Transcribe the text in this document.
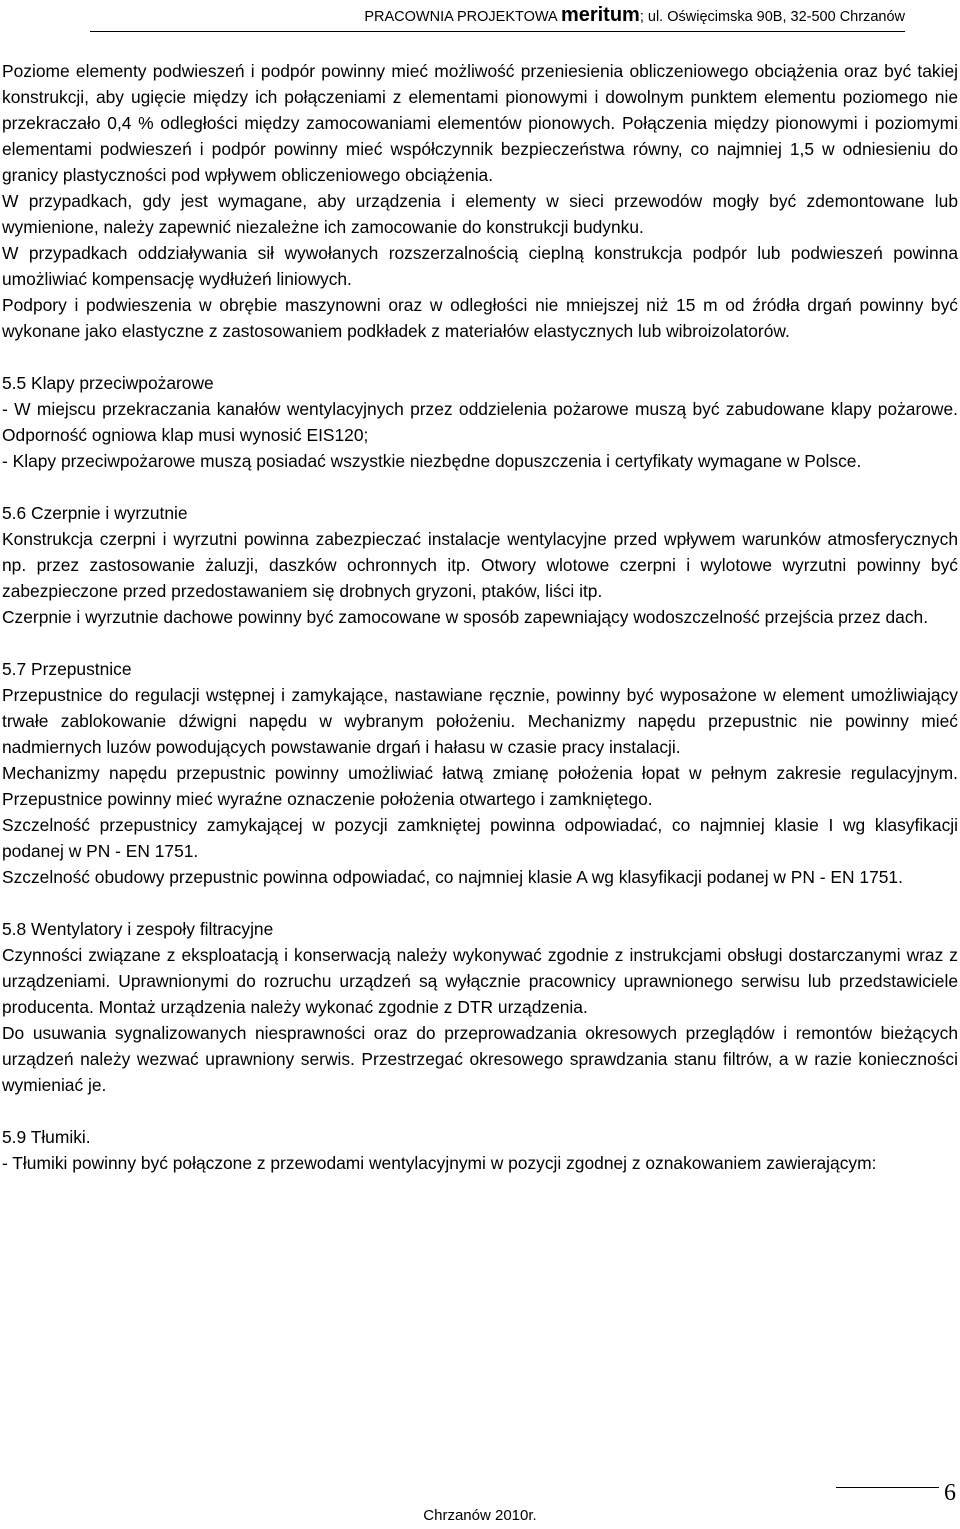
PRACOWNIA PROJEKTOWA meritum; ul. Oświęcimska 90B, 32-500 Chrzanów

Poziome elementy podwieszeń i podpór powinny mieć możliwość przeniesienia obliczeniowego obciążenia oraz być takiej konstrukcji, aby ugięcie między ich połączeniami z elementami pionowymi i dowolnym punktem elementu poziomego nie przekraczało 0,4 % odległości między zamocowaniami elementów pionowych. Połączenia między pionowymi i poziomymi elementami podwieszeń i podpór powinny mieć współczynnik bezpieczeństwa równy, co najmniej 1,5 w odniesieniu do granicy plastyczności pod wpływem obliczeniowego obciążenia.

W przypadkach, gdy jest wymagane, aby urządzenia i elementy w sieci przewodów mogły być zdemontowane lub wymienione, należy zapewnić niezależne ich zamocowanie do konstrukcji budynku.

W przypadkach oddziaływania sił wywołanych rozszerzalnością cieplną konstrukcja podpór lub podwieszeń powinna umożliwiać kompensację wydłużeń liniowych.

Podpory i podwieszenia w obrębie maszynowni oraz w odległości nie mniejszej niż 15 m od źródła drgań powinny być wykonane jako elastyczne z zastosowaniem podkładek z materiałów elastycznych lub wibroizolatorów.

5.5 Klapy przeciwpożarowe

- W miejscu przekraczania kanałów wentylacyjnych przez oddzielenia pożarowe muszą być zabudowane klapy pożarowe. Odporność ogniowa klap musi wynosić EIS120;

- Klapy przeciwpożarowe muszą posiadać wszystkie niezbędne dopuszczenia i certyfikaty wymagane w Polsce.

5.6 Czerpnie i wyrzutnie

Konstrukcja czerpni i wyrzutni powinna zabezpieczać instalacje wentylacyjne przed wpływem warunków atmosferycznych np. przez zastosowanie żaluzji, daszków ochronnych itp. Otwory wlotowe czerpni i wylotowe wyrzutni powinny być zabezpieczone przed przedostawaniem się drobnych gryzoni, ptaków, liści itp.

Czerpnie i wyrzutnie dachowe powinny być zamocowane w sposób zapewniający wodoszczelność przejścia przez dach.

5.7 Przepustnice

Przepustnice do regulacji wstępnej i zamykające, nastawiane ręcznie, powinny być wyposażone w element umożliwiający trwałe zablokowanie dźwigni napędu w wybranym położeniu. Mechanizmy napędu przepustnic nie powinny mieć nadmiernych luzów powodujących powstawanie drgań i hałasu w czasie pracy instalacji.

Mechanizmy napędu przepustnic powinny umożliwiać łatwą zmianę położenia łopat w pełnym zakresie regulacyjnym. Przepustnice powinny mieć wyraźne oznaczenie położenia otwartego i zamkniętego.

Szczelność przepustnicy zamykającej w pozycji zamkniętej powinna odpowiadać, co najmniej klasie I wg klasyfikacji podanej w PN - EN 1751.

Szczelność obudowy przepustnic powinna odpowiadać, co najmniej klasie A wg klasyfikacji podanej w PN - EN 1751.

5.8 Wentylatory i zespoły filtracyjne

Czynności związane z eksploatacją i konserwacją należy wykonywać zgodnie z instrukcjami obsługi dostarczanymi wraz z urządzeniami. Uprawnionymi do rozruchu urządzeń są wyłącznie pracownicy uprawnionego serwisu lub przedstawiciele producenta. Montaż urządzenia należy wykonać zgodnie z DTR urządzenia.

Do usuwania sygnalizowanych niesprawności oraz do przeprowadzania okresowych przeglądów i remontów bieżących urządzeń należy wezwać uprawniony serwis. Przestrzegać okresowego sprawdzania stanu filtrów, a w razie konieczności wymieniać je.

5.9 Tłumiki.

- Tłumiki powinny być połączone z przewodami wentylacyjnymi w pozycji zgodnej z oznakowaniem zawierającym:

6
Chrzanów 2010r.
